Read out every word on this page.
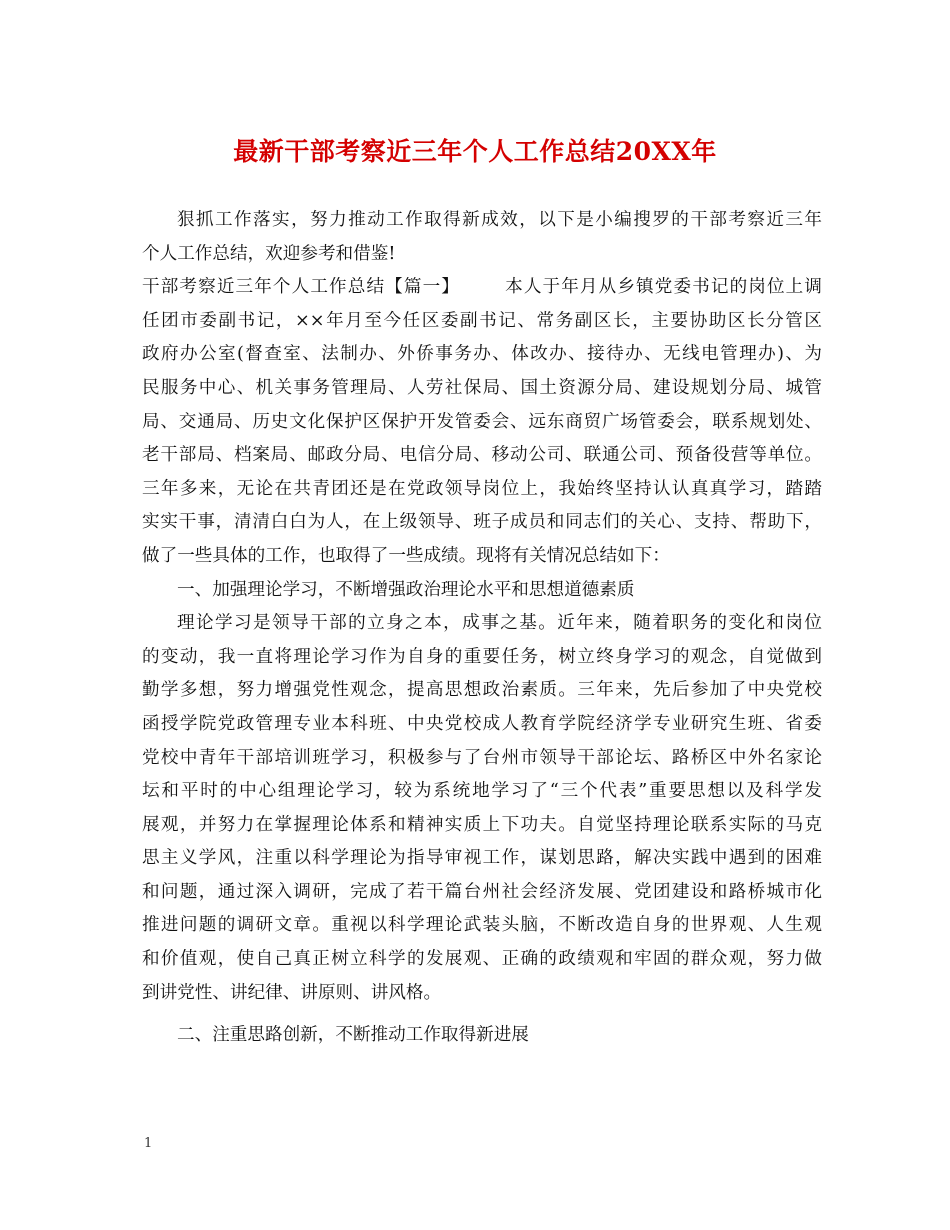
最新干部考察近三年个人工作总结20XX年
狠抓工作落实，努力推动工作取得新成效，以下是小编搜罗的干部考察近三年
个人工作总结，欢迎参考和借鉴!
干部考察近三年个人工作总结【篇一】	本人于年月从乡镇党委书记的岗位上调
任团市委副书记，××年月至今任区委副书记、常务副区长，主要协助区长分管区
政府办公室(督查室、法制办、外侨事务办、体改办、接待办、无线电管理办)、为
民服务中心、机关事务管理局、人劳社保局、国土资源分局、建设规划分局、城管
局、交通局、历史文化保护区保护开发管委会、远东商贸广场管委会，联系规划处、
老干部局、档案局、邮政分局、电信分局、移动公司、联通公司、预备役营等单位。
三年多来，无论在共青团还是在党政领导岗位上，我始终坚持认认真真学习，踏踏
实实干事，清清白白为人，在上级领导、班子成员和同志们的关心、支持、帮助下，
做了一些具体的工作，也取得了一些成绩。现将有关情况总结如下：
一、加强理论学习，不断增强政治理论水平和思想道德素质
理论学习是领导干部的立身之本，成事之基。近年来，随着职务的变化和岗位
的变动，我一直将理论学习作为自身的重要任务，树立终身学习的观念，自觉做到
勤学多想，努力增强党性观念，提高思想政治素质。三年来，先后参加了中央党校
函授学院党政管理专业本科班、中央党校成人教育学院经济学专业研究生班、省委
党校中青年干部培训班学习，积极参与了台州市领导干部论坛、路桥区中外名家论
坛和平时的中心组理论学习，较为系统地学习了“三个代表”重要思想以及科学发
展观，并努力在掌握理论体系和精神实质上下功夫。自觉坚持理论联系实际的马克
思主义学风，注重以科学理论为指导审视工作，谋划思路，解决实践中遇到的困难
和问题，通过深入调研，完成了若干篇台州社会经济发展、党团建设和路桥城市化
推进问题的调研文章。重视以科学理论武装头脑，不断改造自身的世界观、人生观
和价值观，使自己真正树立科学的发展观、正确的政绩观和牢固的群众观，努力做
到讲党性、讲纪律、讲原则、讲风格。
二、注重思路创新，不断推动工作取得新进展
1
